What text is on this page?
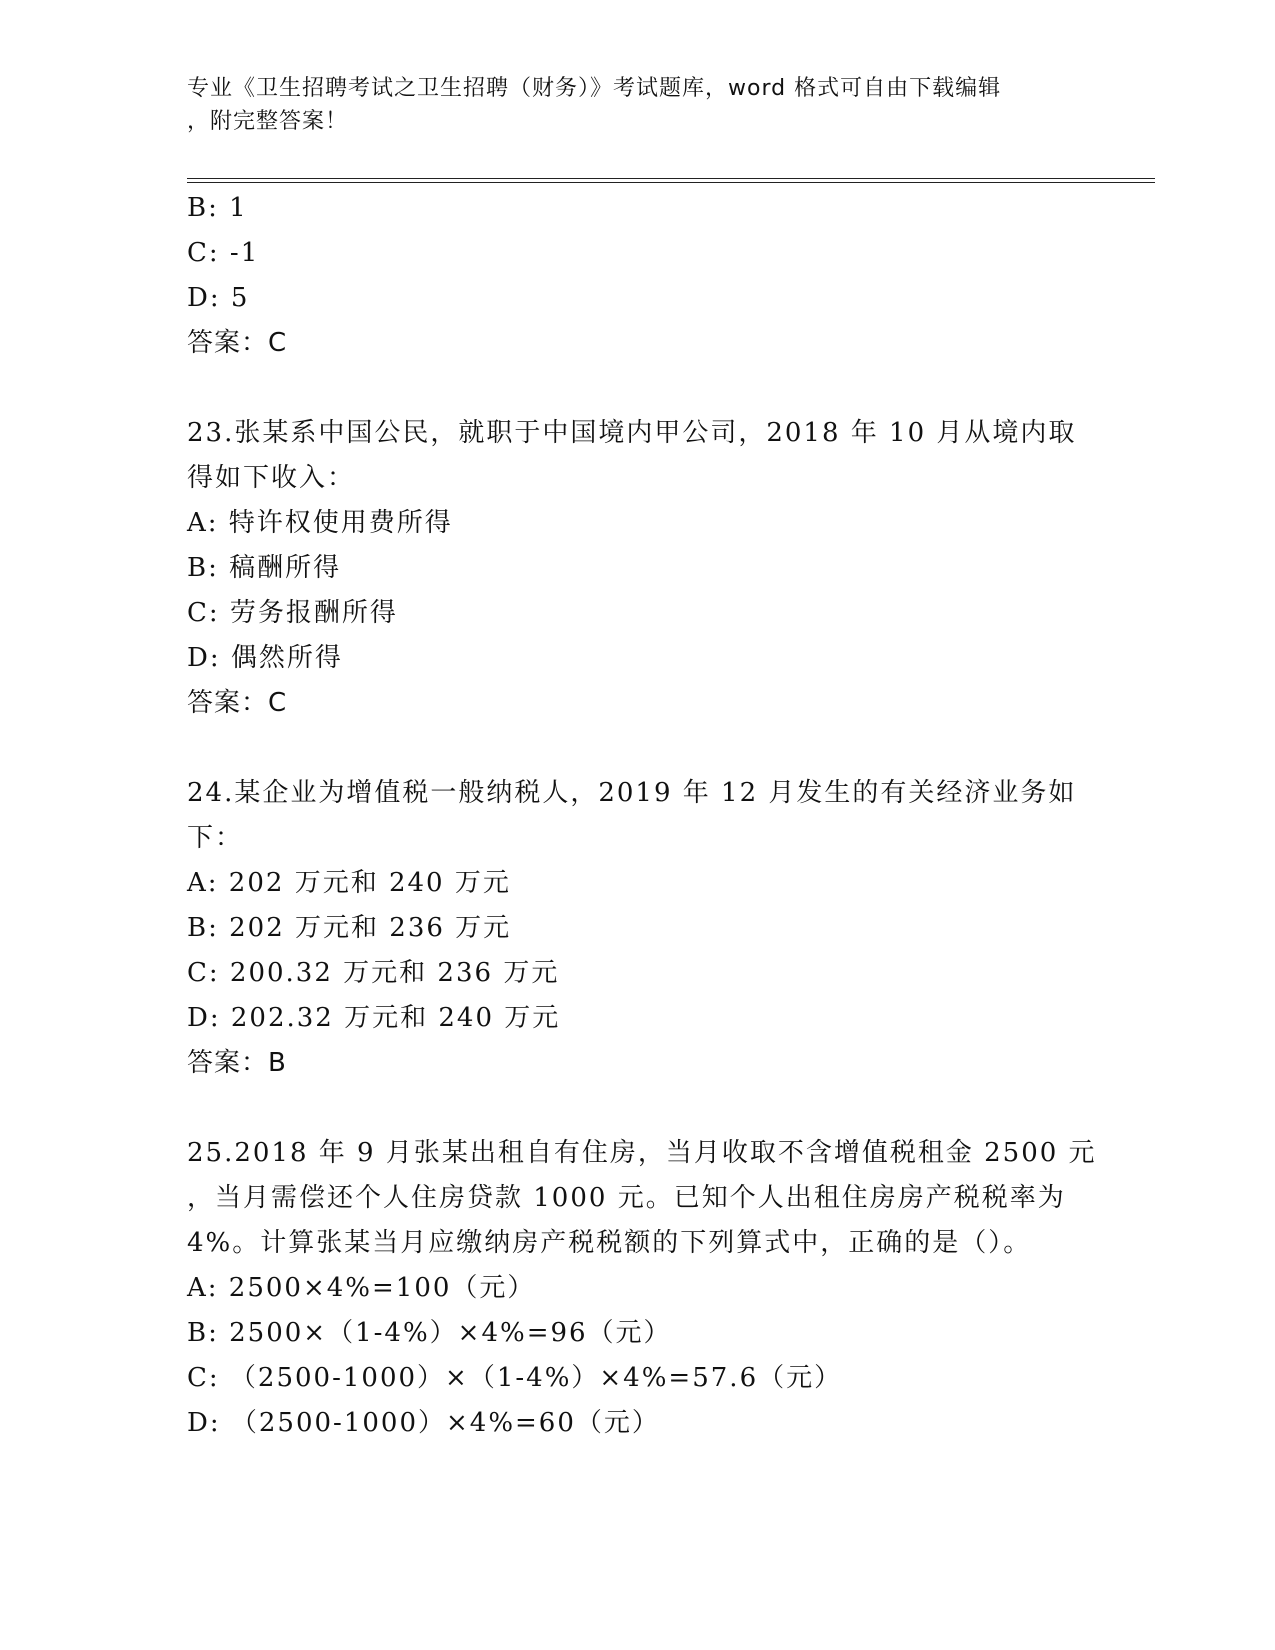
专业《卫生招聘考试之卫生招聘（财务）》考试题库，word 格式可自由下载编辑
，附完整答案！
B: 1
C: -1
D: 5
答案：C
23.张某系中国公民，就职于中国境内甲公司，2018 年 10 月从境内取
得如下收入：
A: 特许权使用费所得
B: 稿酬所得
C: 劳务报酬所得
D: 偶然所得
答案：C
24.某企业为增值税一般纳税人，2019 年 12 月发生的有关经济业务如
下：
A: 202 万元和 240 万元
B: 202 万元和 236 万元
C: 200.32 万元和 236 万元
D: 202.32 万元和 240 万元
答案：B
25.2018 年 9 月张某出租自有住房，当月收取不含增值税租金 2500 元
，当月需偿还个人住房贷款 1000 元。已知个人出租住房房产税税率为
4%。计算张某当月应缴纳房产税税额的下列算式中，正确的是（）。
A: 2500×4%=100（元）
B: 2500×（1-4%）×4%=96（元）
C: （2500-1000）×（1-4%）×4%=57.6（元）
D: （2500-1000）×4%=60（元）
